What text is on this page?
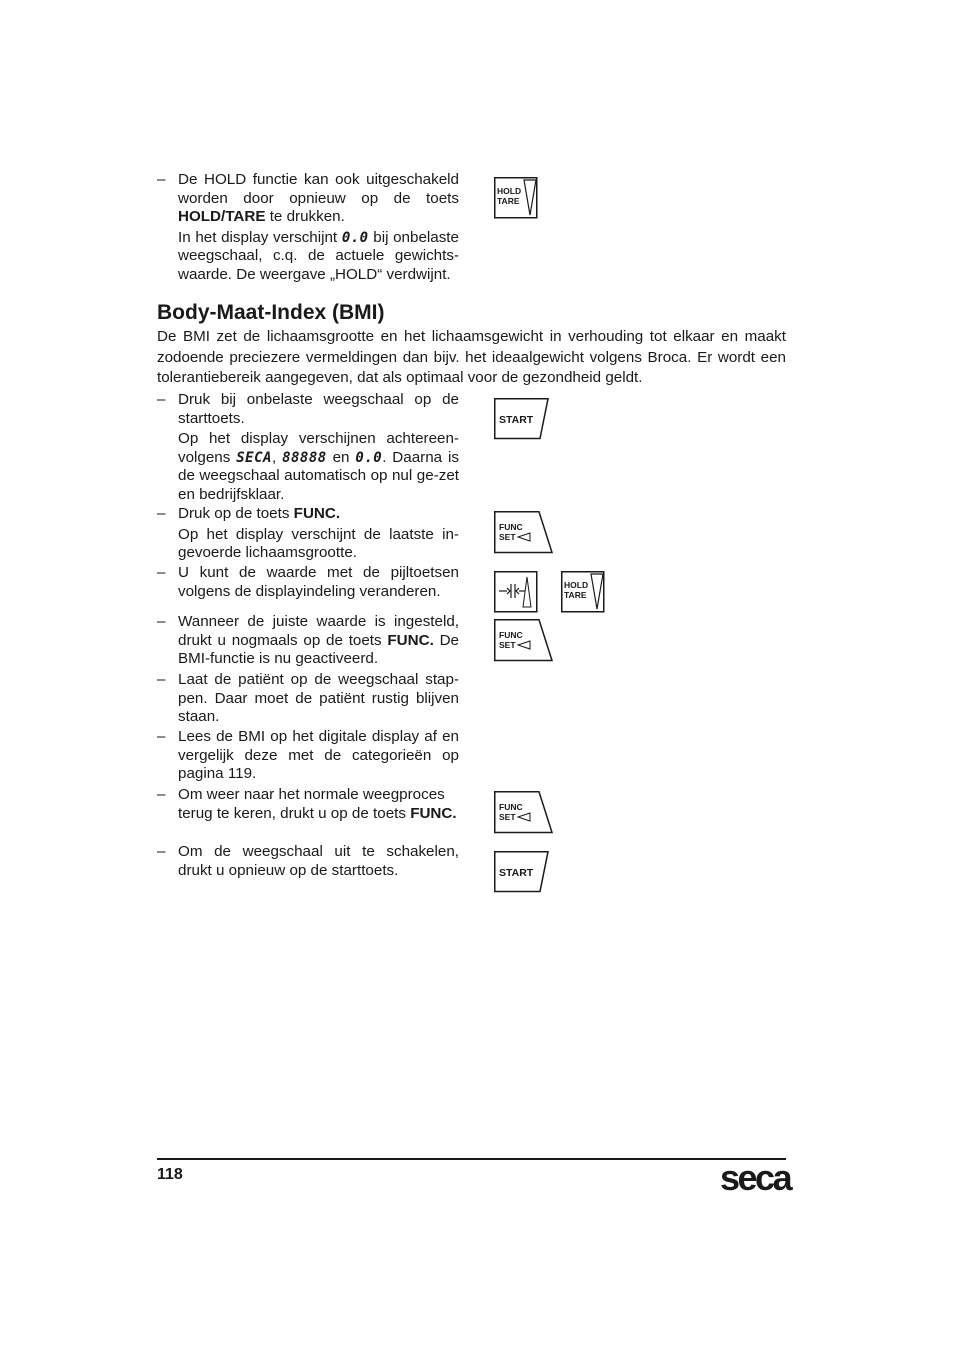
– De HOLD functie kan ook uitgeschakeld worden door opnieuw op de toets HOLD/TARE te drukken.

In het display verschijnt 0.0 bij onbelaste weegschaal, c.q. de actuele gewichts-waarde. De weergave „HOLD“ verdwijnt.

HOLD
TARE
Body-Maat-Index (BMI)

De BMI zet de lichaamsgrootte en het lichaamsgewicht in verhouding tot elkaar en maakt zodoende preciezere vermeldingen dan bijv. het ideaalgewicht volgens Broca. Er wordt een tolerantiebereik aangegeven, dat als optimaal voor de gezondheid geldt.

– Druk bij onbelaste weegschaal op de starttoets.

Op het display verschijnen achtereen-volgens SECA, 88888 en 0.0. Daarna is de weegschaal automatisch op nul ge-zet en bedrijfsklaar.

START
– Druk op de toets FUNC.

Op het display verschijnt de laatste in-gevoerde lichaamsgrootte.

FUNC
SET
– U kunt de waarde met de pijltoetsen volgens de displayindeling veranderen.	HOLD
TARE
– Wanneer de juiste waarde is ingesteld, drukt u nogmaals op de toets FUNC. De BMI-functie is nu geactiveerd.

FUNC
SET
– Laat de patiënt op de weegschaal stap-pen. Daar moet de patiënt rustig blijven staan.

– Lees de BMI op het digitale display af en vergelijk deze met de categorieën op pagina 119.

– Om weer naar het normale weegproces terug te keren, drukt u op de toets FUNC.	FUNC
SET
– Om de weegschaal uit te schakelen, drukt u opnieuw op de starttoets.	START
118	seca
